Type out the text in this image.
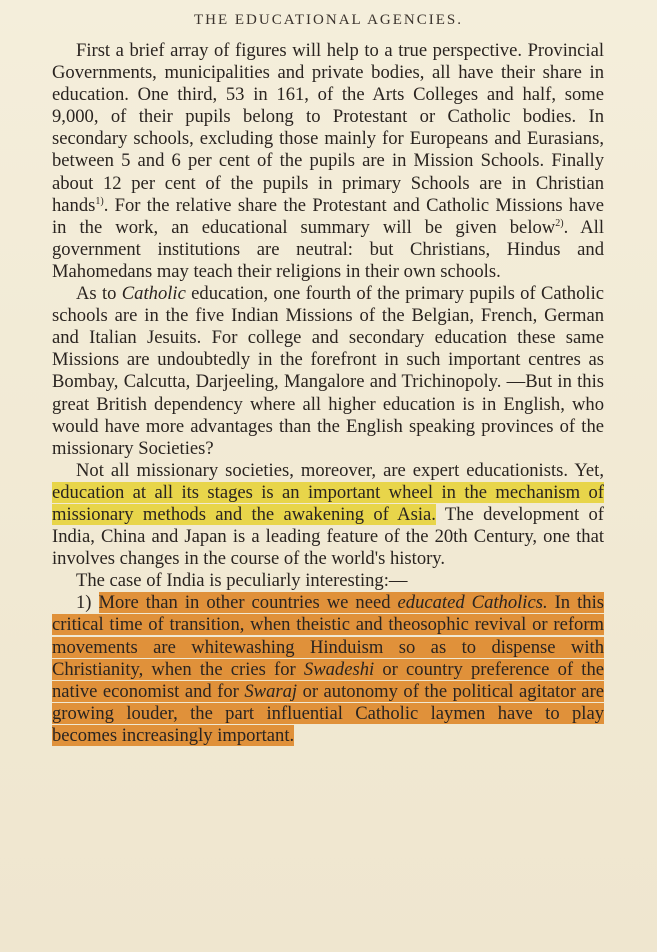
THE EDUCATIONAL AGENCIES.

First a brief array of figures will help to a true perspective. Provincial Governments, municipalities and private bodies, all have their share in education. One third, 53 in 161, of the Arts Colleges and half, some 9,000, of their pupils belong to Protestant or Catholic bodies. In secondary schools, excluding those mainly for Europeans and Eurasians, between 5 and 6 per cent of the pupils are in Mission Schools. Finally about 12 per cent of the pupils in primary Schools are in Christian hands$^{1)}$. For the relative share the Protestant and Catholic Missions have in the work, an educational summary will be given below$^{2)}$. All government institutions are neutral: but Christians, Hindus and Mahomedans may teach their religions in their own schools.

As to Catholic education, one fourth of the primary pupils of Catholic schools are in the five Indian Missions of the Belgian, French, German and Italian Jesuits. For college and secondary education these same Missions are undoubtedly in the forefront in such important centres as Bombay, Calcutta, Darjeeling, Mangalore and Trichinopoly. —But in this great British dependency where all higher education is in English, who would have more advantages than the English speaking provinces of the missionary Societies?

Not all missionary societies, moreover, are expert educationists. Yet, education at all its stages is an important wheel in the mechanism of missionary methods and the awakening of Asia. The development of India, China and Japan is a leading feature of the 20th Century, one that involves changes in the course of the world's history.

The case of India is peculiarly interesting:—

1) More than in other countries we need educated Catholics. In this critical time of transition, when theistic and theosophic revival or reform movements are whitewashing Hinduism so as to dispense with Christianity, when the cries for Swadeshi or country preference of the native economist and for Swaraj or autonomy of the political agitator are growing louder, the part influential Catholic laymen have to play becomes increasingly important.
